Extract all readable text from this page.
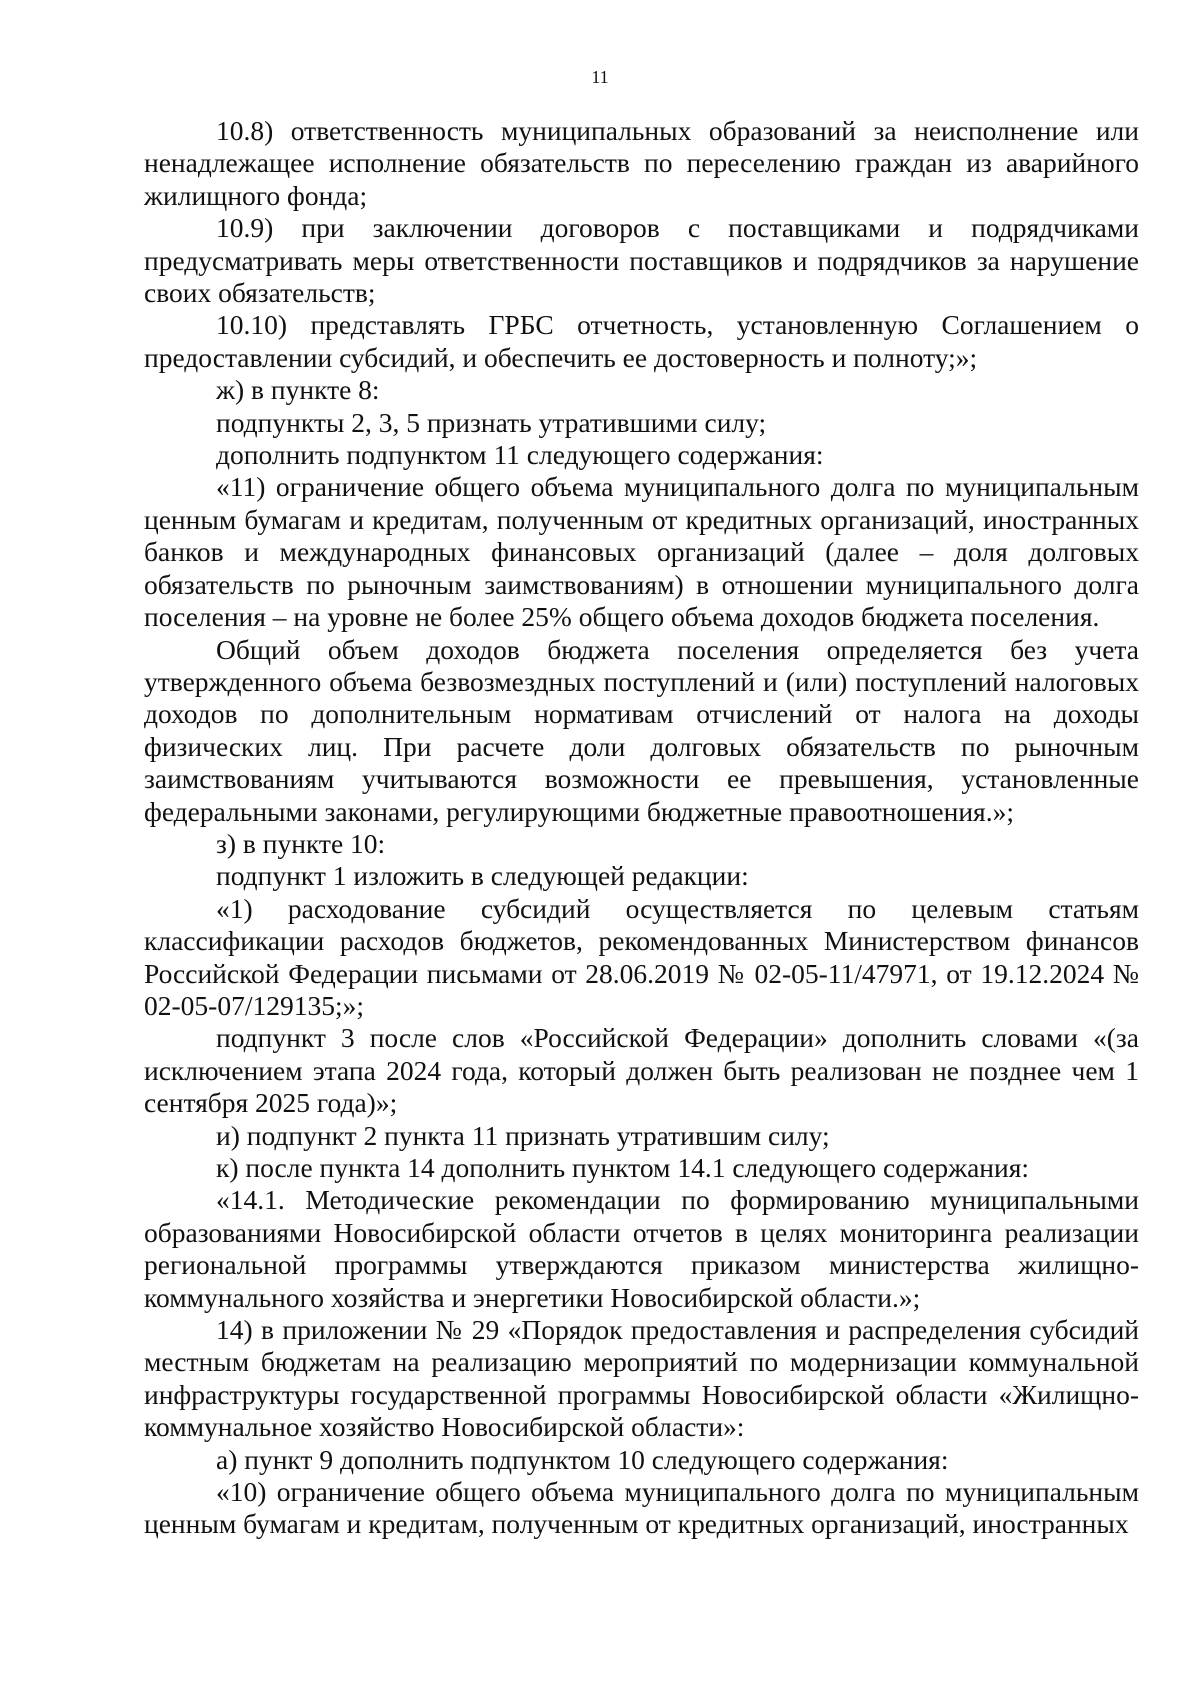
11

10.8) ответственность муниципальных образований за неисполнение или ненадлежащее исполнение обязательств по переселению граждан из аварийного жилищного фонда;

10.9) при заключении договоров с поставщиками и подрядчиками предусматривать меры ответственности поставщиков и подрядчиков за нарушение своих обязательств;

10.10) представлять ГРБС отчетность, установленную Соглашением о предоставлении субсидий, и обеспечить ее достоверность и полноту;»;

ж) в пункте 8:

подпункты 2, 3, 5 признать утратившими силу;

дополнить подпунктом 11 следующего содержания:

«11) ограничение общего объема муниципального долга по муниципальным ценным бумагам и кредитам, полученным от кредитных организаций, иностранных банков и международных финансовых организаций (далее – доля долговых обязательств по рыночным заимствованиям) в отношении муниципального долга поселения – на уровне не более 25% общего объема доходов бюджета поселения.

Общий объем доходов бюджета поселения определяется без учета утвержденного объема безвозмездных поступлений и (или) поступлений налоговых доходов по дополнительным нормативам отчислений от налога на доходы физических лиц. При расчете доли долговых обязательств по рыночным заимствованиям учитываются возможности ее превышения, установленные федеральными законами, регулирующими бюджетные правоотношения.»;

з) в пункте 10:

подпункт 1 изложить в следующей редакции:

«1) расходование субсидий осуществляется по целевым статьям классификации расходов бюджетов, рекомендованных Министерством финансов Российской Федерации письмами от 28.06.2019 № 02-05-11/47971, от 19.12.2024 № 02-05-07/129135;»;

подпункт 3 после слов «Российской Федерации» дополнить словами «(за исключением этапа 2024 года, который должен быть реализован не позднее чем 1 сентября 2025 года)»;

и) подпункт 2 пункта 11 признать утратившим силу;

к) после пункта 14 дополнить пунктом 14.1 следующего содержания:

«14.1. Методические рекомендации по формированию муниципальными образованиями Новосибирской области отчетов в целях мониторинга реализации региональной программы утверждаются приказом министерства жилищно-коммунального хозяйства и энергетики Новосибирской области.»;

14) в приложении № 29 «Порядок предоставления и распределения субсидий местным бюджетам на реализацию мероприятий по модернизации коммунальной инфраструктуры государственной программы Новосибирской области «Жилищно-коммунальное хозяйство Новосибирской области»:

а) пункт 9 дополнить подпунктом 10 следующего содержания:

«10) ограничение общего объема муниципального долга по муниципальным ценным бумагам и кредитам, полученным от кредитных организаций, иностранных
